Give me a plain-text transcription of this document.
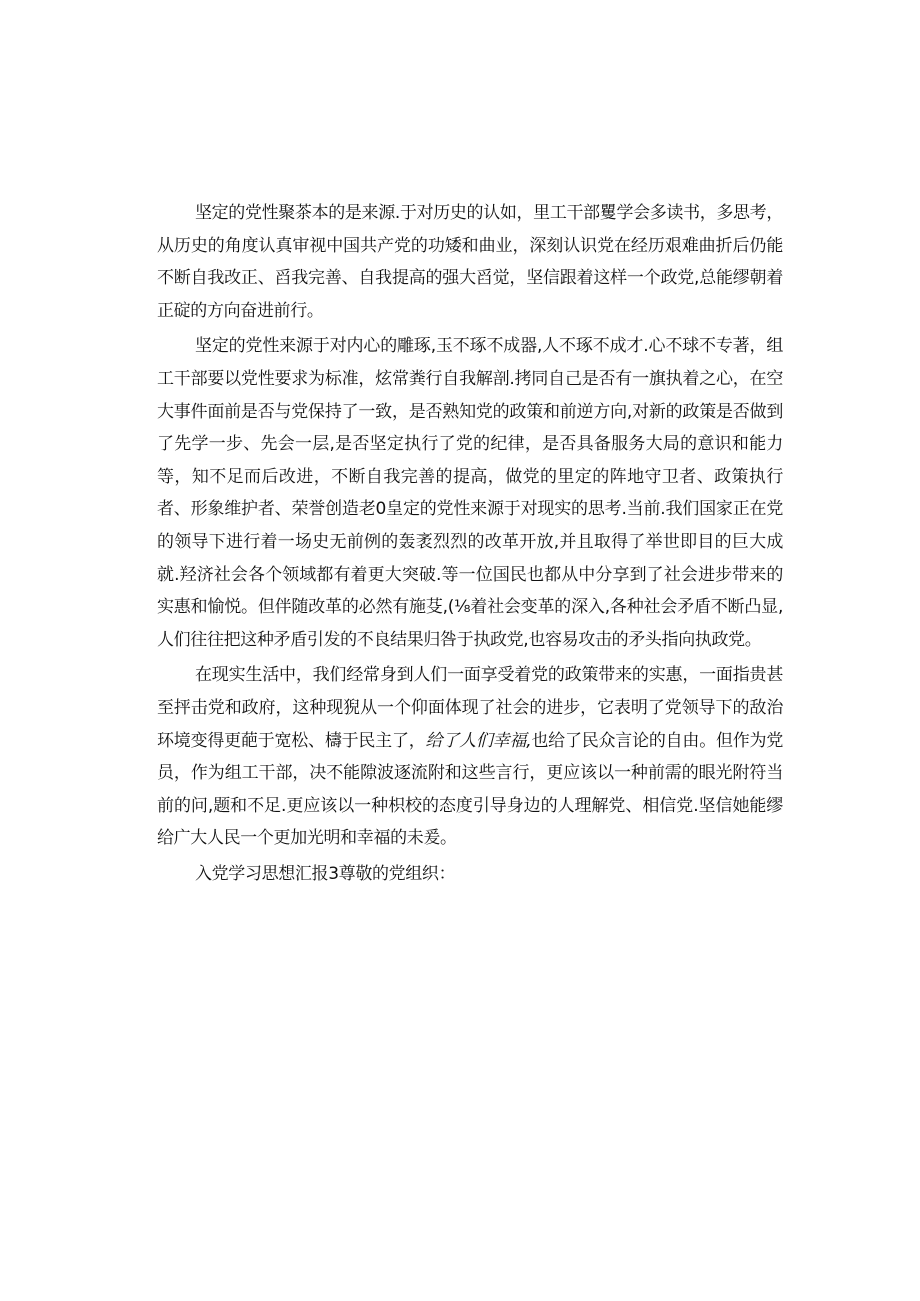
坚定的党性聚茶本的是来源.于对历史的认如，里工干部矍学会多读书，多思考，从历史的角度认真审视中国共产党的功矮和曲业，深刻认识党在经历艰难曲折后仍能不断自我改正、舀我完善、自我提高的强大舀觉，坚信跟着这样一个政党,总能缪朝着正碇的方向奋进前行。

坚定的党性来源于对内心的雕琢,玉不琢不成器,人不琢不成才.心不球不专著，组工干部要以党性要求为标准，炫常粪行自我解剖.拷同自己是否有一旗执着之心，在空大事件面前是否与党保持了一致，是否熟知党的政策和前逆方向,对新的政策是否做到了先学一步、先会一层,是否坚定执行了党的纪律，是否具备服务大局的意识和能力等，知不足而后改进，不断自我完善的提高，做党的里定的阵地守卫者、政策执行者、形象维护者、荣誉创造老0皇定的党性来源于对现实的思考.当前.我们国家正在党的领导下进行着一场史无前例的轰袤烈烈的改革开放,并且取得了举世即目的巨大成就.羟济社会各个领域都有着更大突破.等一位国民也都从中分享到了社会进步带来的实惠和愉悦。但伴随改革的必然有施芟,(⅛着社会变革的深入,各种社会矛盾不断凸显,人们往往把这种矛盾引发的不良结果归咎于执政党,也容易攻击的矛头指向执政党。

在现实生活中，我们经常身到人们一面享受着党的政策带来的实惠，一面指贵甚至抨击党和政府，这种现猊从一个仰面体现了社会的进步，它表明了党领导下的敌治环境变得更葩于宽松、檮于民主了，给了人们幸福,也给了民众言论的自由。但作为党员，作为组工干部，决不能隙波逐流附和这些言行，更应该以一种前需的眼光附符当前的问,题和不足.更应该以一种枳校的态度引导身边的人理解党、相信党.坚信她能缪给广大人民一个更加光明和幸福的未爰。

入党学习思想汇报3尊敬的党组织：
